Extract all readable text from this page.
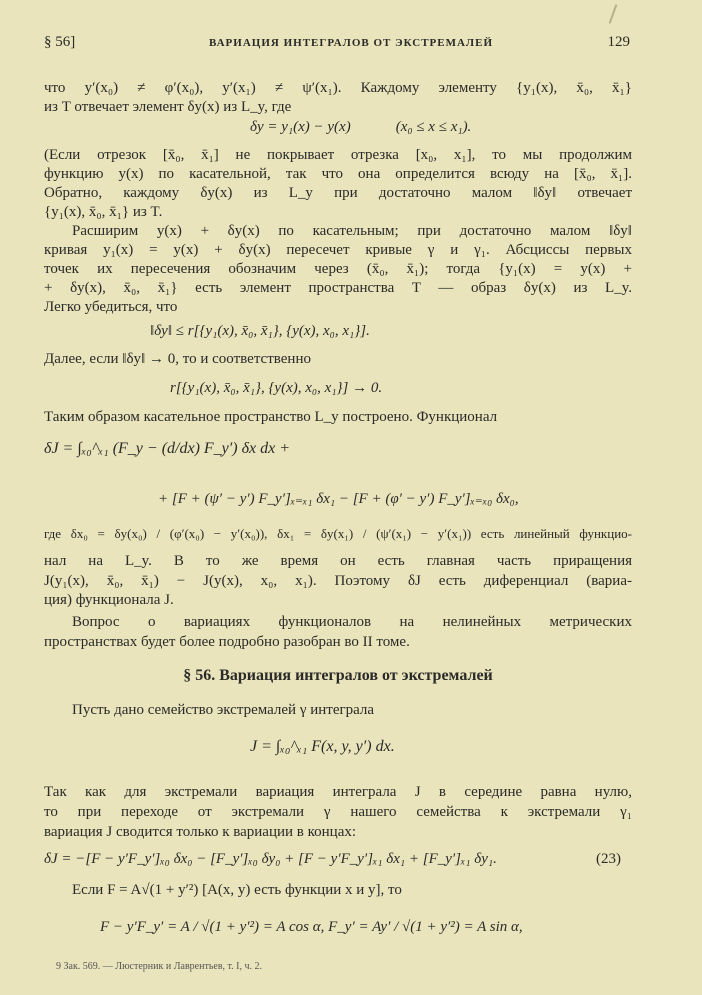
§ 56]	ВАРИАЦИЯ ИНТЕГРАЛОВ ОТ ЭКСТРЕМАЛЕЙ	129
что y′(x₀) ≠ φ′(x₀), y′(x₁) ≠ ψ′(x₁). Каждому элементу {y₁(x), x̄₀, x̄₁}
из T отвечает элемент δy(x) из L_y, где
δy = y₁(x) − y(x)            (x₀ ≤ x ≤ x₁).
(Если отрезок [x̄₀, x̄₁] не покрывает отрезка [x₀, x₁], то мы продолжим
функцию y(x) по касательной, так что она определится всюду на [x̄₀, x̄₁].
Обратно, каждому δy(x) из L_y при достаточно малом ‖δy‖ отвечает
{y₁(x), x̄₀, x̄₁} из T.
Расширим y(x) + δy(x) по касательным; при достаточно малом ‖δy‖
кривая y₁(x) = y(x) + δy(x) пересечет кривые γ и γ₁. Абсциссы первых
точек их пересечения обозначим через (x̄₀, x̄₁); тогда {y₁(x) = y(x) +
+ δy(x), x̄₀, x̄₁} есть элемент пространства T — образ δy(x) из L_y.
Легко убедиться, что
‖δy‖ ≤ r[{y₁(x), x̄₀, x̄₁}, {y(x), x₀, x₁}].
Далее, если ‖δy‖ → 0, то и соответственно
r[{y₁(x), x̄₀, x̄₁}, {y(x), x₀, x₁}] → 0.
Таким образом касательное пространство L_y построено. Функционал
δJ = ∫ₓ₀^ₓ₁ (F_y − (d/dx) F_y′) δx dx +
+ [F + (ψ′ − y′) F_y′]ₓ₌ₓ₁ δx₁ − [F + (φ′ − y′) F_y′]ₓ₌ₓ₀ δx₀,
где δx₀ = δy(x₀) / (φ′(x₀) − y′(x₀)), δx₁ = δy(x₁) / (ψ′(x₁) − y′(x₁)) есть линейный функцио-
нал на L_y. В то же время он есть главная часть приращения
J(y₁(x), x̄₀, x̄₁) − J(y(x), x₀, x₁). Поэтому δJ есть диференциал (вариа-
ция) функционала J.
Вопрос о вариациях функционалов на нелинейных метрических
пространствах будет более подробно разобран во II томе.
§ 56. Вариация интегралов от экстремалей
Пусть дано семейство экстремалей γ интеграла
J = ∫ₓ₀^ₓ₁ F(x, y, y′) dx.
Так как для экстремали вариация интеграла J в середине равна нулю,
то при переходе от экстремали γ нашего семейства к экстремали γ₁
вариация J сводится только к вариации в концах:
δJ = −[F − y′F_y′]ₓ₀ δx₀ − [F_y′]ₓ₀ δy₀ + [F − y′F_y′]ₓ₁ δx₁ + [F_y′]ₓ₁ δy₁.	(23)
Если F = A√(1 + y′²) [A(x, y) есть функции x и y], то
F − y′F_y′ = A / √(1 + y′²) = A cos α, F_y′ = Ay′ / √(1 + y′²) = A sin α,
9 Зак. 569. — Люстерник и Лаврентьев, т. I, ч. 2.
